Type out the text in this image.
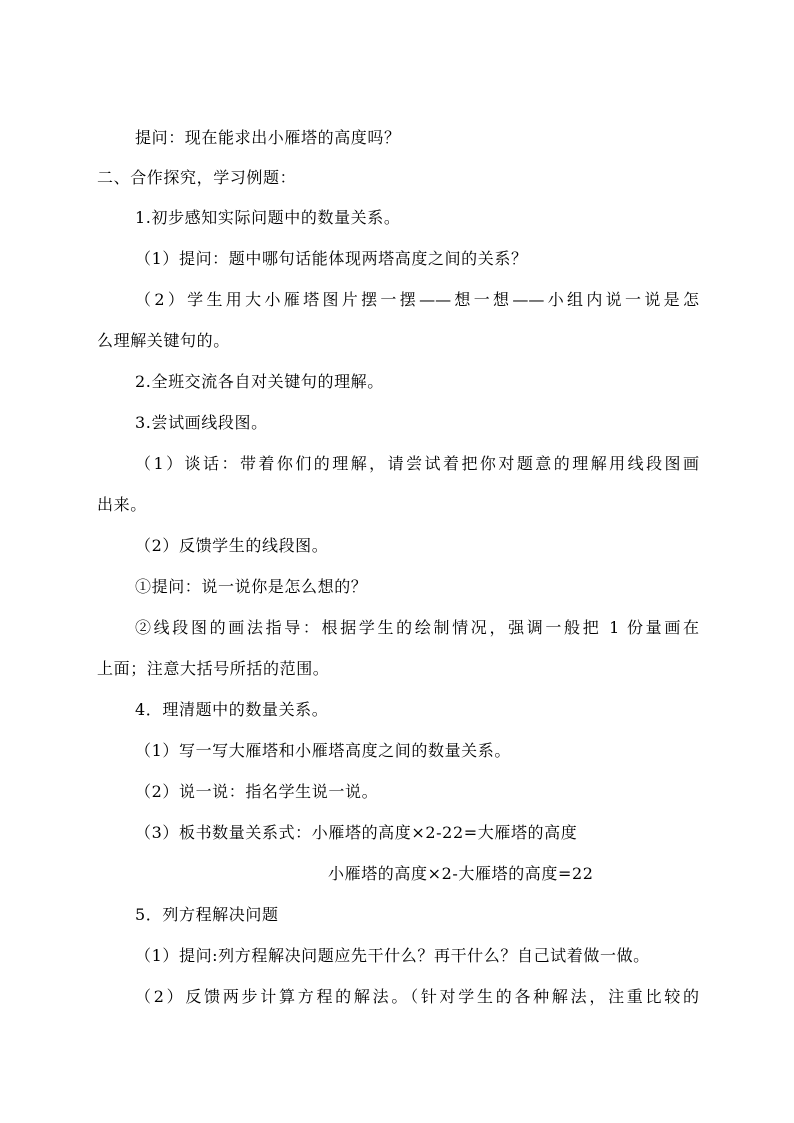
提问：现在能求出小雁塔的高度吗？
二、合作探究，学习例题：
1.初步感知实际问题中的数量关系。
（1）提问：题中哪句话能体现两塔高度之间的关系？
（2）学生用大小雁塔图片摆一摆——想一想——小组内说一说是怎
么理解关键句的。
2.全班交流各自对关键句的理解。
3.尝试画线段图。
（1）谈话：带着你们的理解，请尝试着把你对题意的理解用线段图画
出来。
（2）反馈学生的线段图。
①提问：说一说你是怎么想的？
②线段图的画法指导：根据学生的绘制情况，强调一般把 1 份量画在
上面；注意大括号所括的范围。
4．理清题中的数量关系。
（1）写一写大雁塔和小雁塔高度之间的数量关系。
（2）说一说：指名学生说一说。
（3）板书数量关系式：小雁塔的高度×2-22=大雁塔的高度
小雁塔的高度×2-大雁塔的高度=22
5．列方程解决问题
（1）提问:列方程解决问题应先干什么？再干什么？自己试着做一做。
（2）反馈两步计算方程的解法。（针对学生的各种解法，注重比较的
